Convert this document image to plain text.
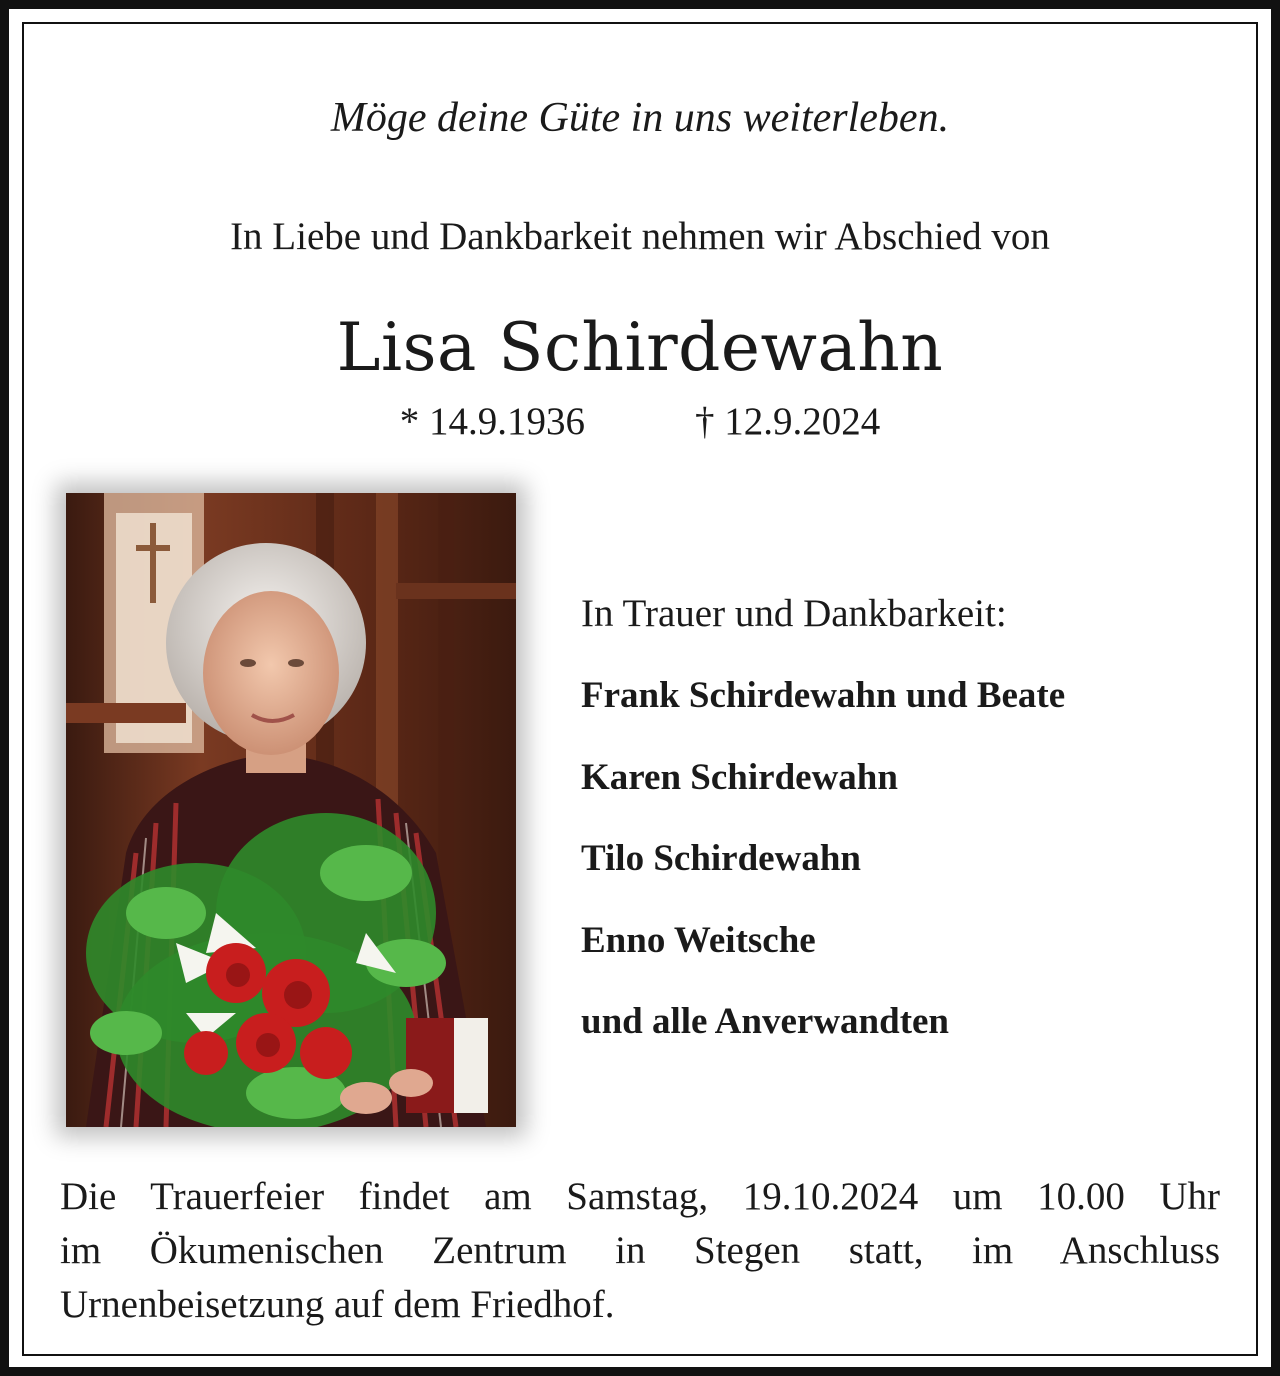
Möge deine Güte in uns weiterleben.
In Liebe und Dankbarkeit nehmen wir Abschied von
Lisa Schirdewahn
* 14.9.1936	† 12.9.2024
In Trauer und Dankbarkeit:
Frank Schirdewahn und Beate
Karen Schirdewahn
Tilo Schirdewahn
Enno Weitsche
und alle Anverwandten
Die Trauerfeier findet am Samstag, 19.10.2024 um 10.00 Uhr
im Ökumenischen Zentrum in Stegen statt, im Anschluss
Urnenbeisetzung auf dem Friedhof.
